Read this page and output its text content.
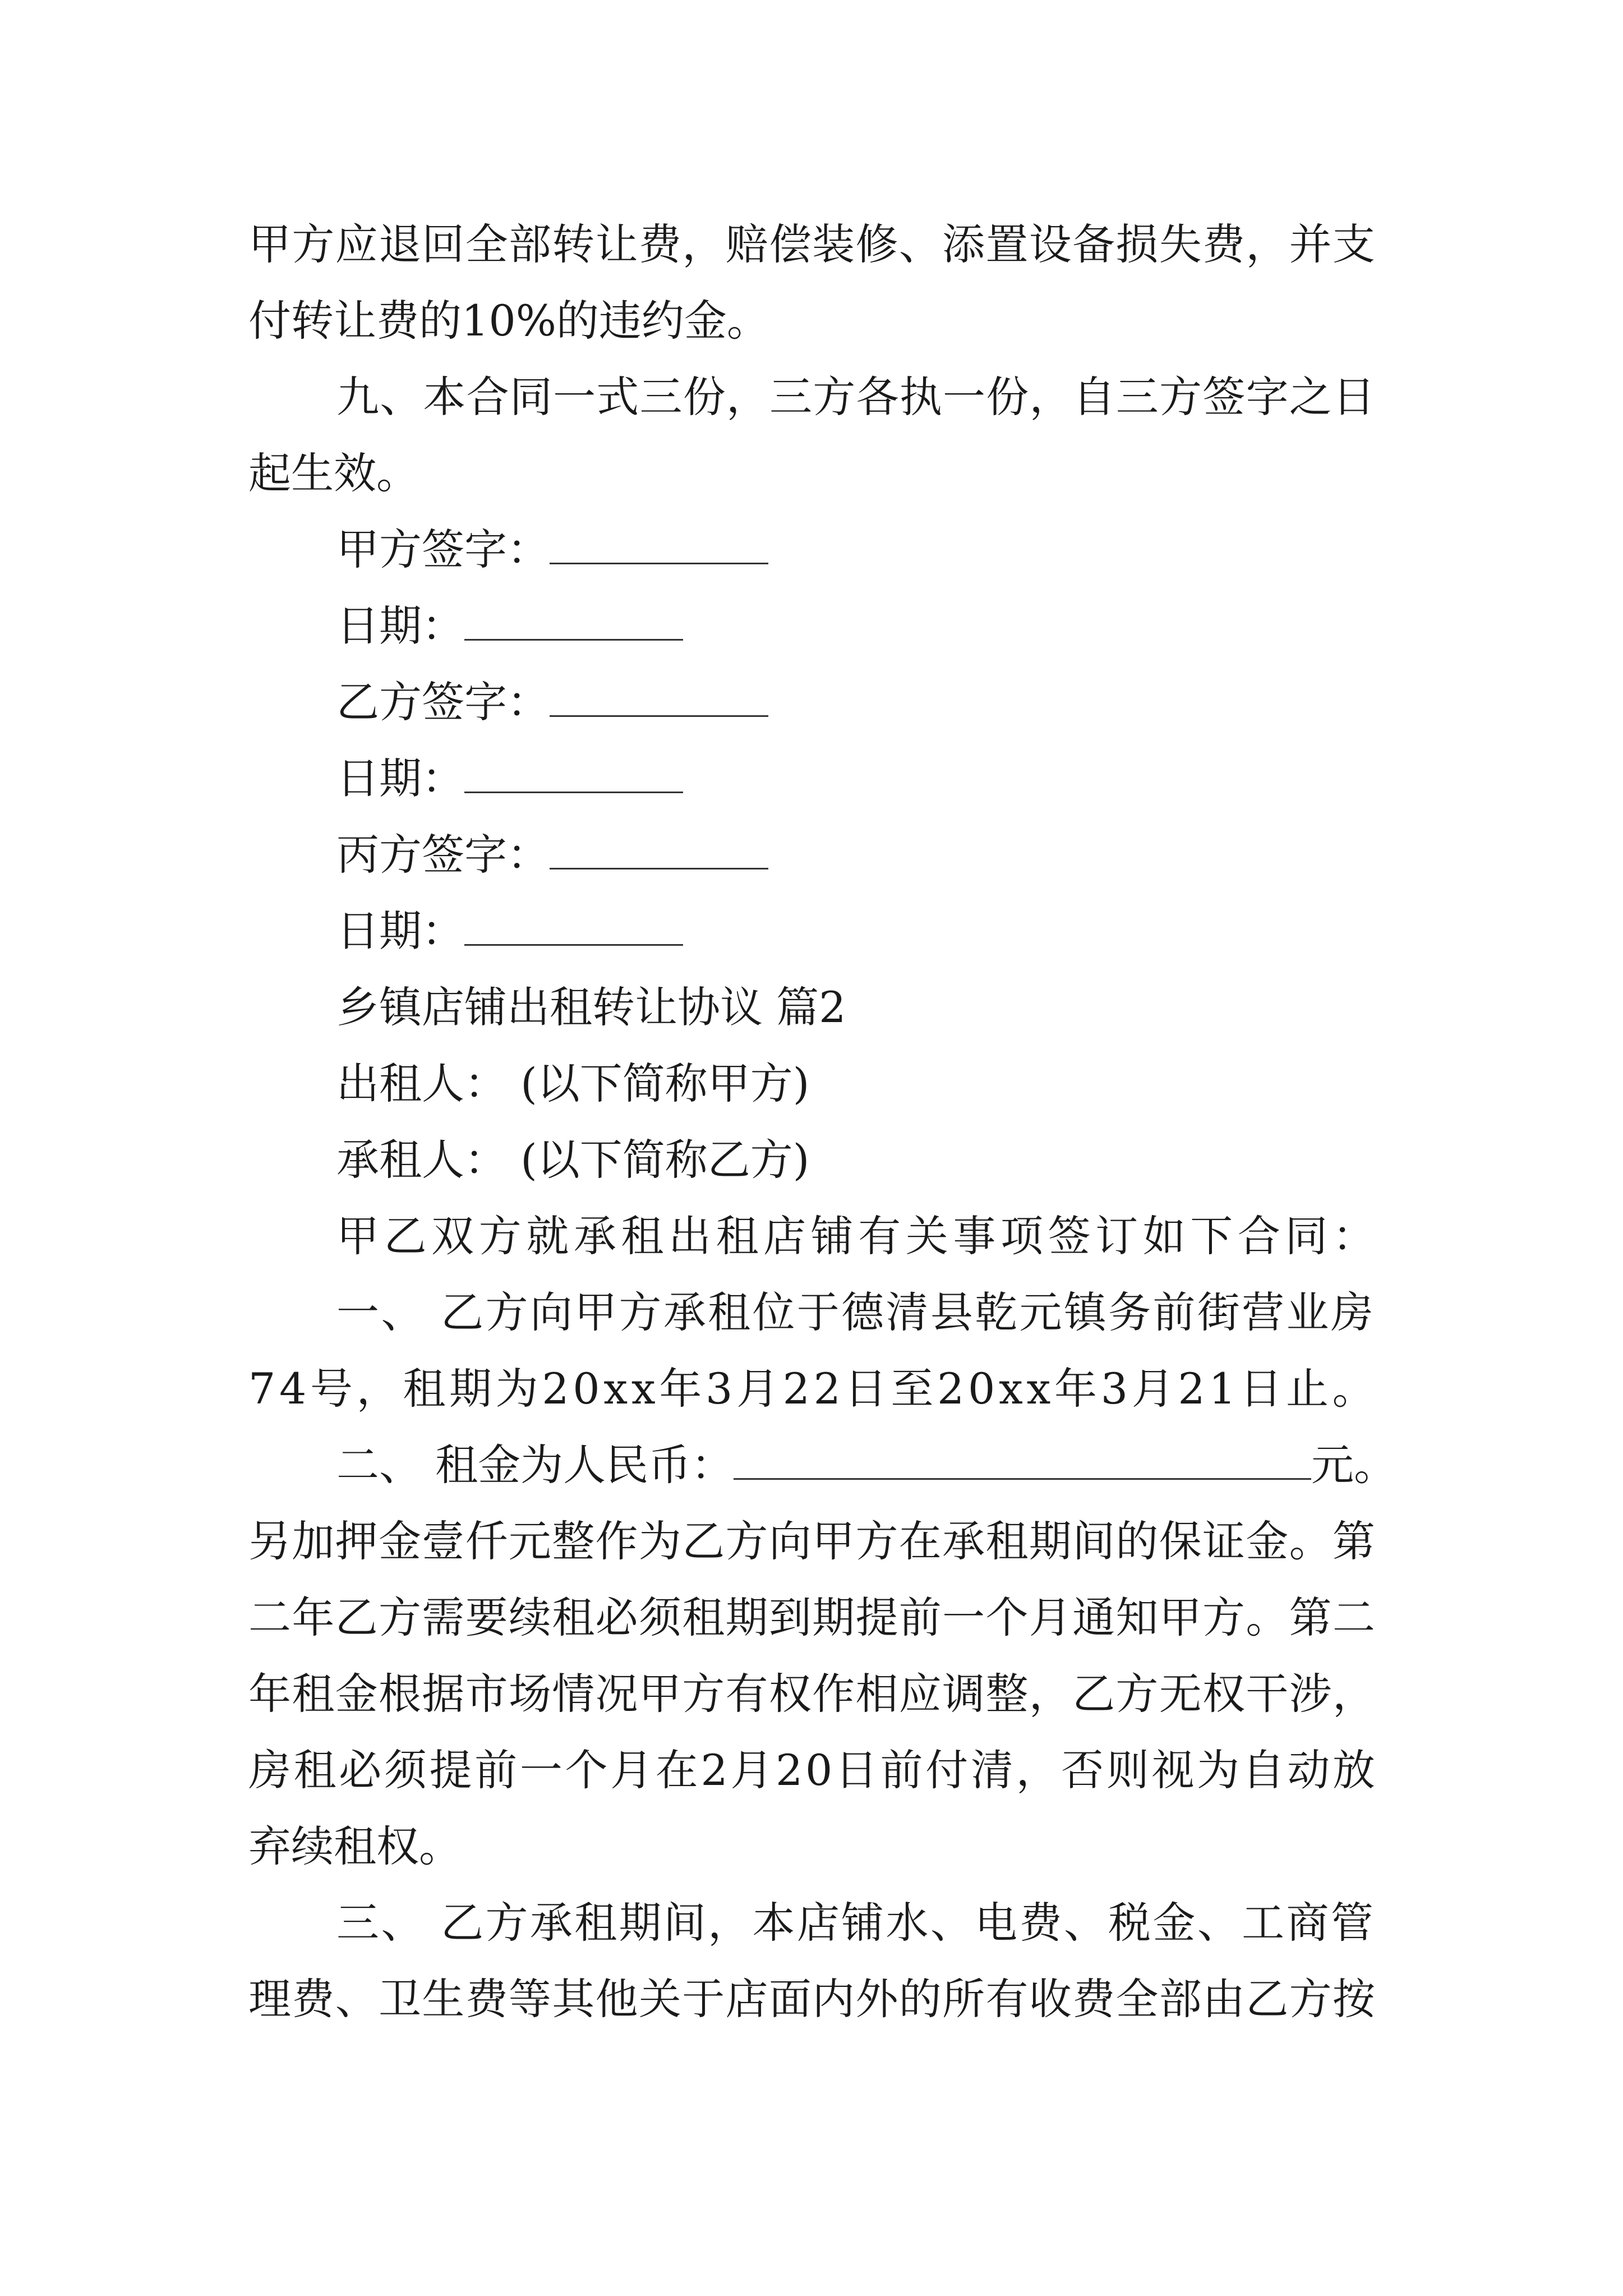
甲方应退回全部转让费，赔偿装修、添置设备损失费，并支
付转让费的10%的违约金。
九、本合同一式三份，三方各执一份，自三方签字之日
起生效。
甲方签字：
日期：
乙方签字：
日期：
丙方签字：
日期：
乡镇店铺出租转让协议 篇2
出租人： (以下简称甲方)
承租人： (以下简称乙方)
甲乙双方就承租出租店铺有关事项签订如下合同：
一、 乙方向甲方承租位于德清县乾元镇务前街营业房
74号，租期为20xx年3月22日至20xx年3月21日止。
二、 租金为人民币：	元。
另加押金壹仟元整作为乙方向甲方在承租期间的保证金。第
二年乙方需要续租必须租期到期提前一个月通知甲方。第二
年租金根据市场情况甲方有权作相应调整，乙方无权干涉，
房租必须提前一个月在2月20日前付清，否则视为自动放
弃续租权。
三、 乙方承租期间，本店铺水、电费、税金、工商管
理费、卫生费等其他关于店面内外的所有收费全部由乙方按
